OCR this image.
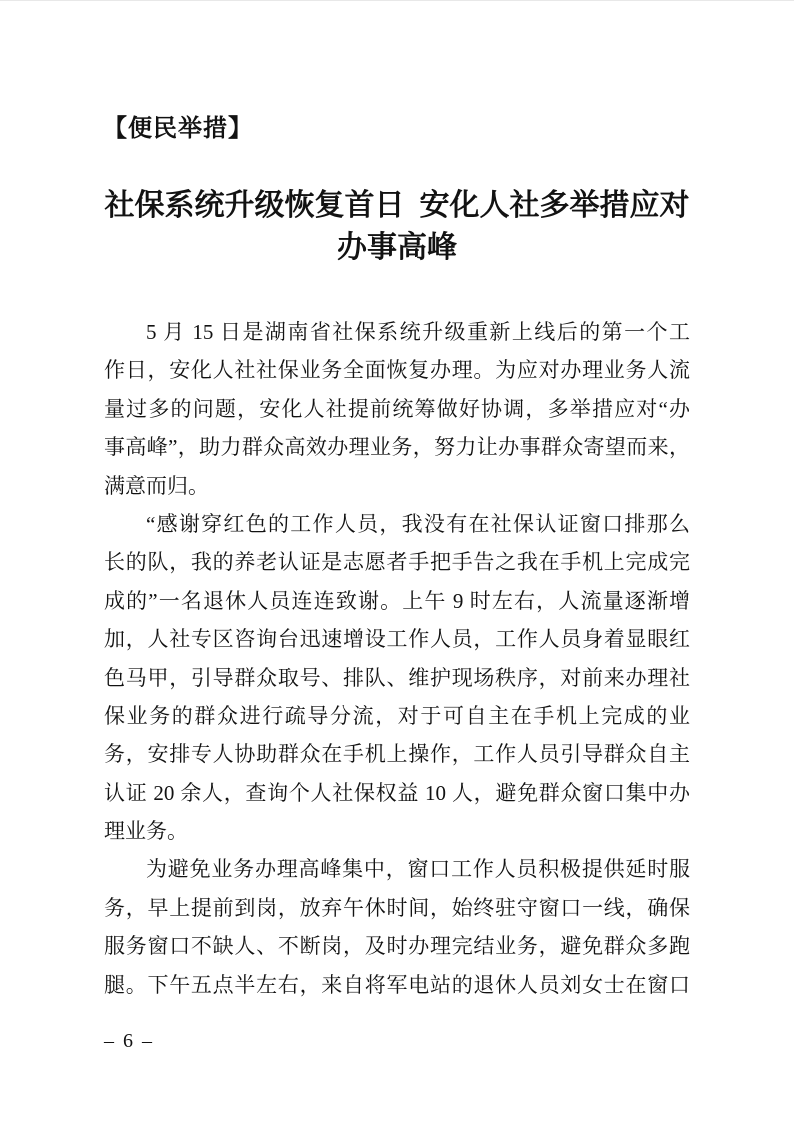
【便民举措】
社保系统升级恢复首日  安化人社多举措应对
办事高峰
5 月 15 日是湖南省社保系统升级重新上线后的第一个工
作日，安化人社社保业务全面恢复办理。为应对办理业务人流
量过多的问题，安化人社提前统筹做好协调，多举措应对“办
事高峰”，助力群众高效办理业务，努力让办事群众寄望而来，
满意而归。
“感谢穿红色的工作人员，我没有在社保认证窗口排那么
长的队，我的养老认证是志愿者手把手告之我在手机上完成完
成的”一名退休人员连连致谢。上午 9 时左右，人流量逐渐增
加，人社专区咨询台迅速增设工作人员，工作人员身着显眼红
色马甲，引导群众取号、排队、维护现场秩序，对前来办理社
保业务的群众进行疏导分流，对于可自主在手机上完成的业
务，安排专人协助群众在手机上操作，工作人员引导群众自主
认证 20 余人，查询个人社保权益 10 人，避免群众窗口集中办
理业务。
为避免业务办理高峰集中，窗口工作人员积极提供延时服
务，早上提前到岗，放弃午休时间，始终驻守窗口一线，确保
服务窗口不缺人、不断岗，及时办理完结业务，避免群众多跑
腿。下午五点半左右，来自将军电站的退休人员刘女士在窗口
– 6 –
